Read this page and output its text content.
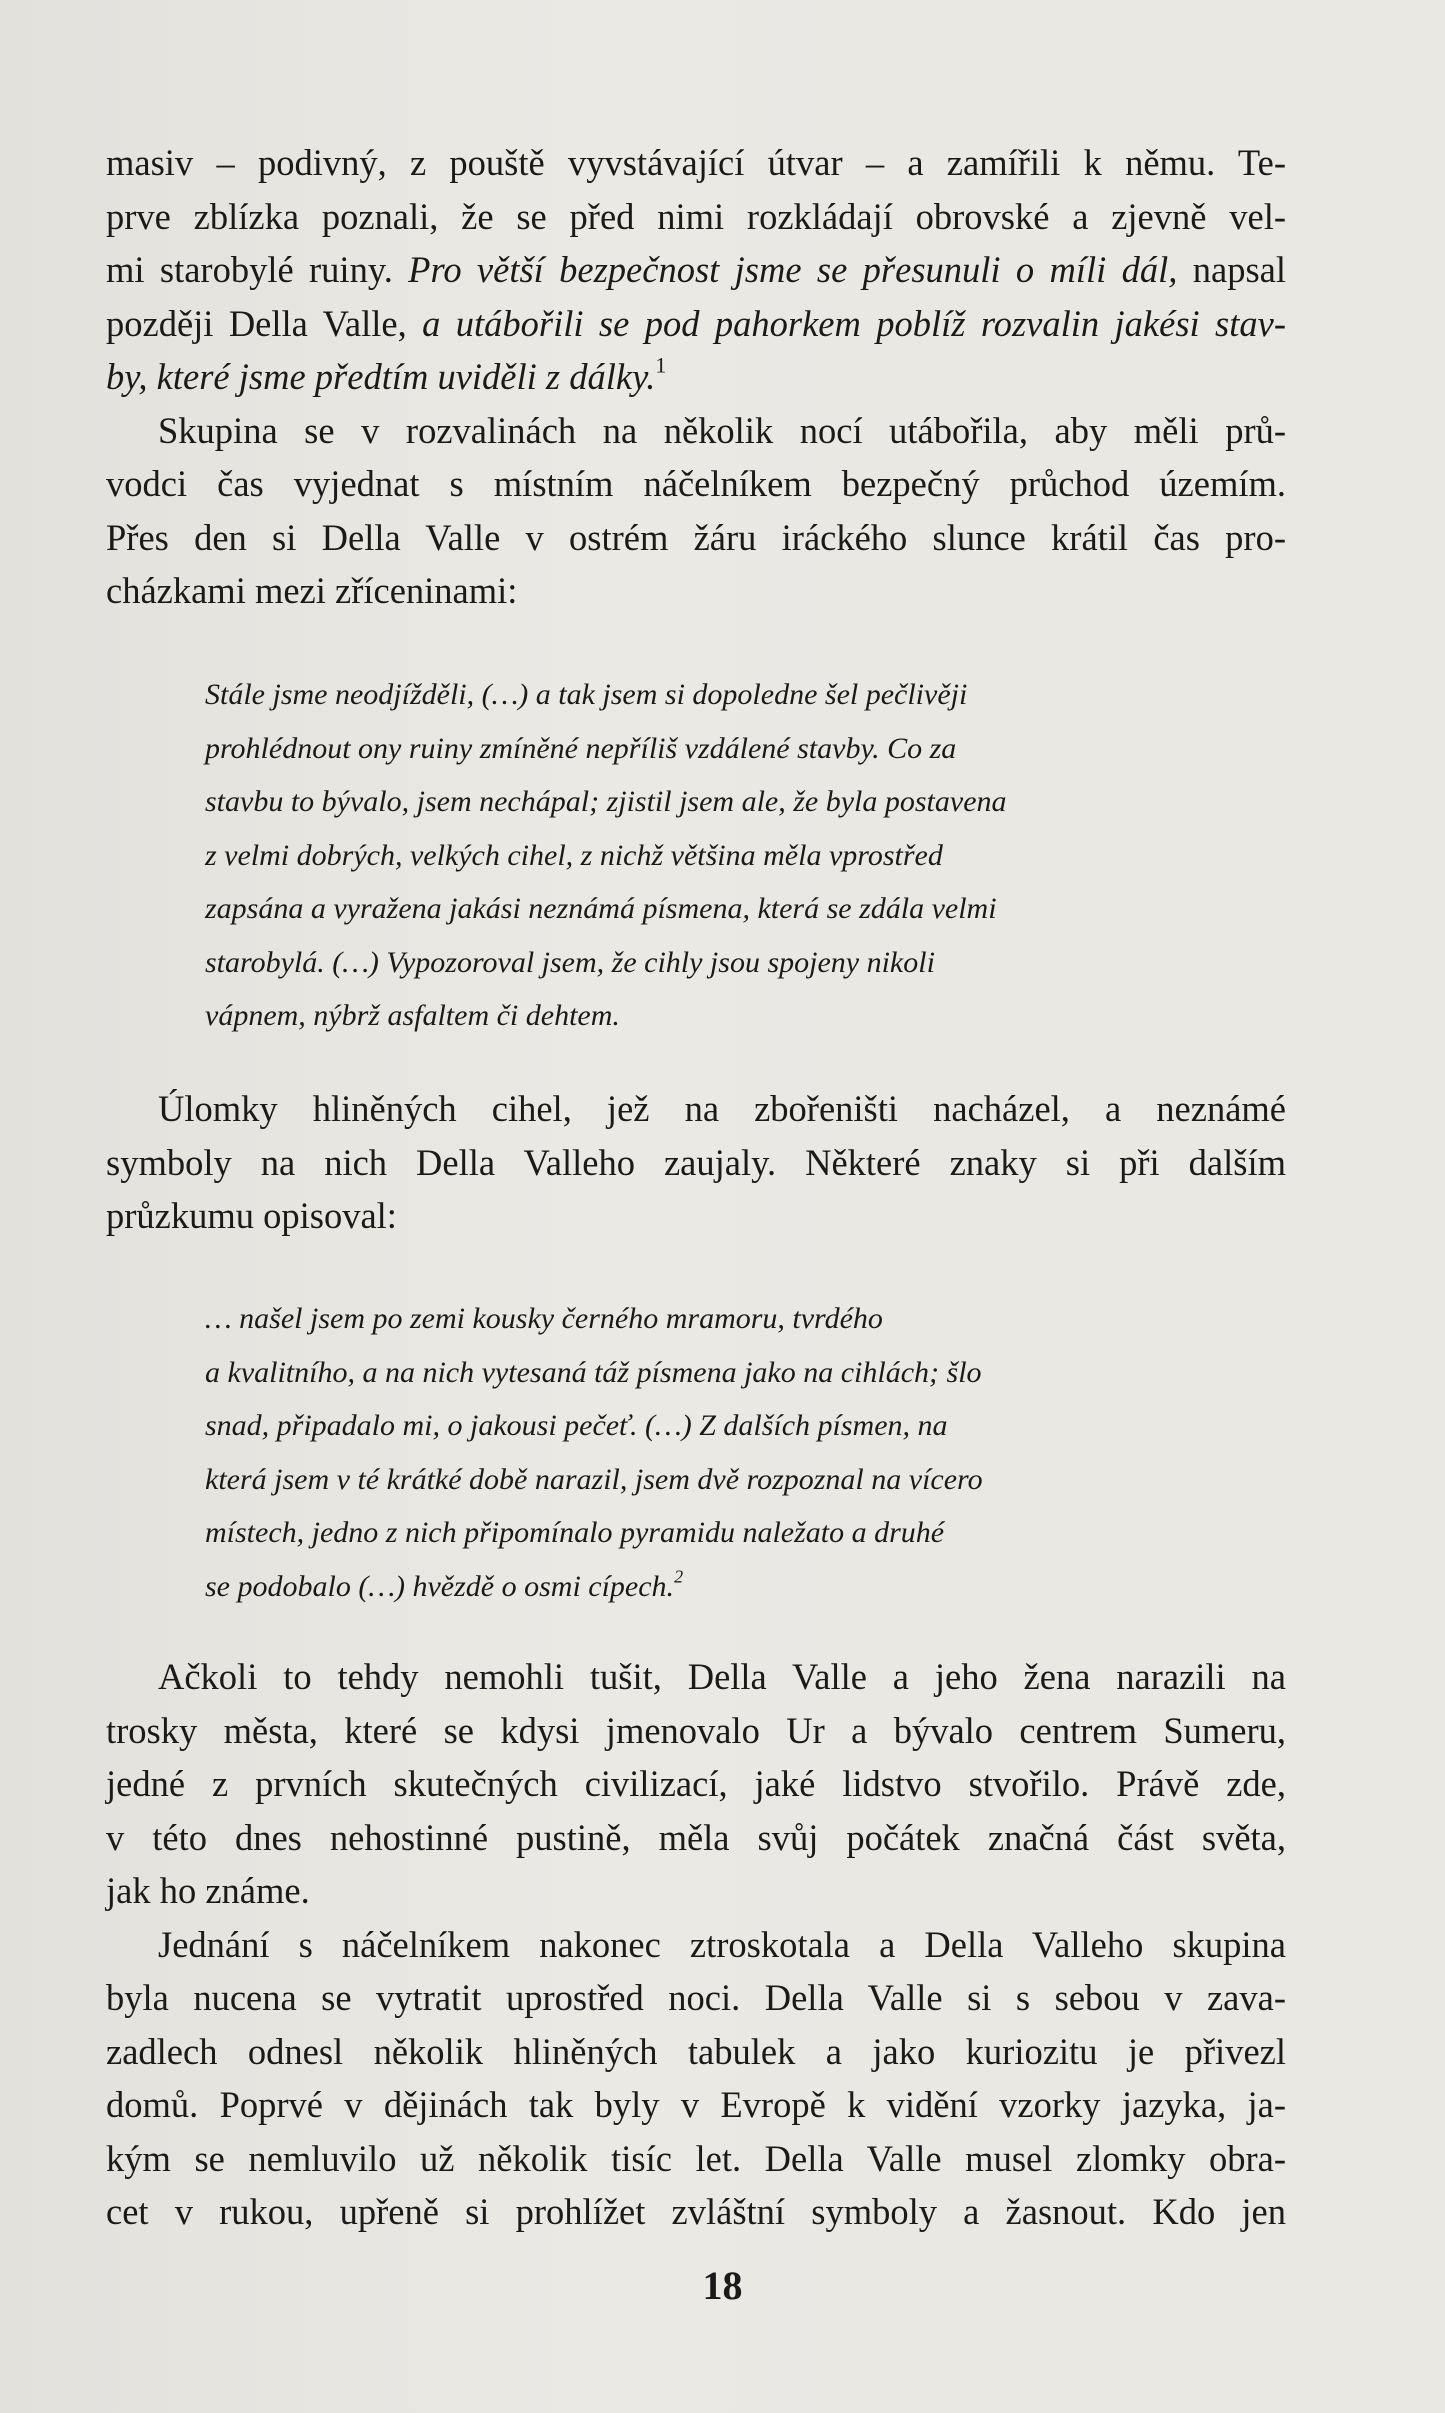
masiv – podivný, z pouště vyvstávající útvar – a zamířili k němu. Te-
prve zblízka poznali, že se před nimi rozkládají obrovské a zjevně vel-
mi starobylé ruiny. Pro větší bezpečnost jsme se přesunuli o míli dál, napsal
později Della Valle, a utábořili se pod pahorkem poblíž rozvalin jakési stav-
by, které jsme předtím uviděli z dálky.$^1$

Skupina se v rozvalinách na několik nocí utábořila, aby měli prů-
vodci čas vyjednat s místním náčelníkem bezpečný průchod územím.
Přes den si Della Valle v ostrém žáru iráckého slunce krátil čas pro-
cházkami mezi zříceninami:

Stále jsme neodjížděli, (…) a tak jsem si dopoledne šel pečlivěji
prohlédnout ony ruiny zmíněné nepříliš vzdálené stavby. Co za
stavbu to bývalo, jsem nechápal; zjistil jsem ale, že byla postavena
z velmi dobrých, velkých cihel, z nichž většina měla vprostřed
zapsána a vyražena jakási neznámá písmena, která se zdála velmi
starobylá. (…) Vypozoroval jsem, že cihly jsou spojeny nikoli
vápnem, nýbrž asfaltem či dehtem.

Úlomky hliněných cihel, jež na zbořeništi nacházel, a neznámé
symboly na nich Della Valleho zaujaly. Některé znaky si při dalším
průzkumu opisoval:

… našel jsem po zemi kousky černého mramoru, tvrdého
a kvalitního, a na nich vytesaná táž písmena jako na cihlách; šlo
snad, připadalo mi, o jakousi pečeť. (…) Z dalších písmen, na
která jsem v té krátké době narazil, jsem dvě rozpoznal na vícero
místech, jedno z nich připomínalo pyramidu naležato a druhé
se podobalo (…) hvězdě o osmi cípech.$^2$

Ačkoli to tehdy nemohli tušit, Della Valle a jeho žena narazili na
trosky města, které se kdysi jmenovalo Ur a bývalo centrem Sumeru,
jedné z prvních skutečných civilizací, jaké lidstvo stvořilo. Právě zde,
v této dnes nehostinné pustině, měla svůj počátek značná část světa,
jak ho známe.

Jednání s náčelníkem nakonec ztroskotala a Della Valleho skupina
byla nucena se vytratit uprostřed noci. Della Valle si s sebou v zava-
zadlech odnesl několik hliněných tabulek a jako kuriozitu je přivezl
domů. Poprvé v dějinách tak byly v Evropě k vidění vzorky jazyka, ja-
kým se nemluvilo už několik tisíc let. Della Valle musel zlomky obra-
cet v rukou, upřeně si prohlížet zvláštní symboly a žasnout. Kdo jen

18
